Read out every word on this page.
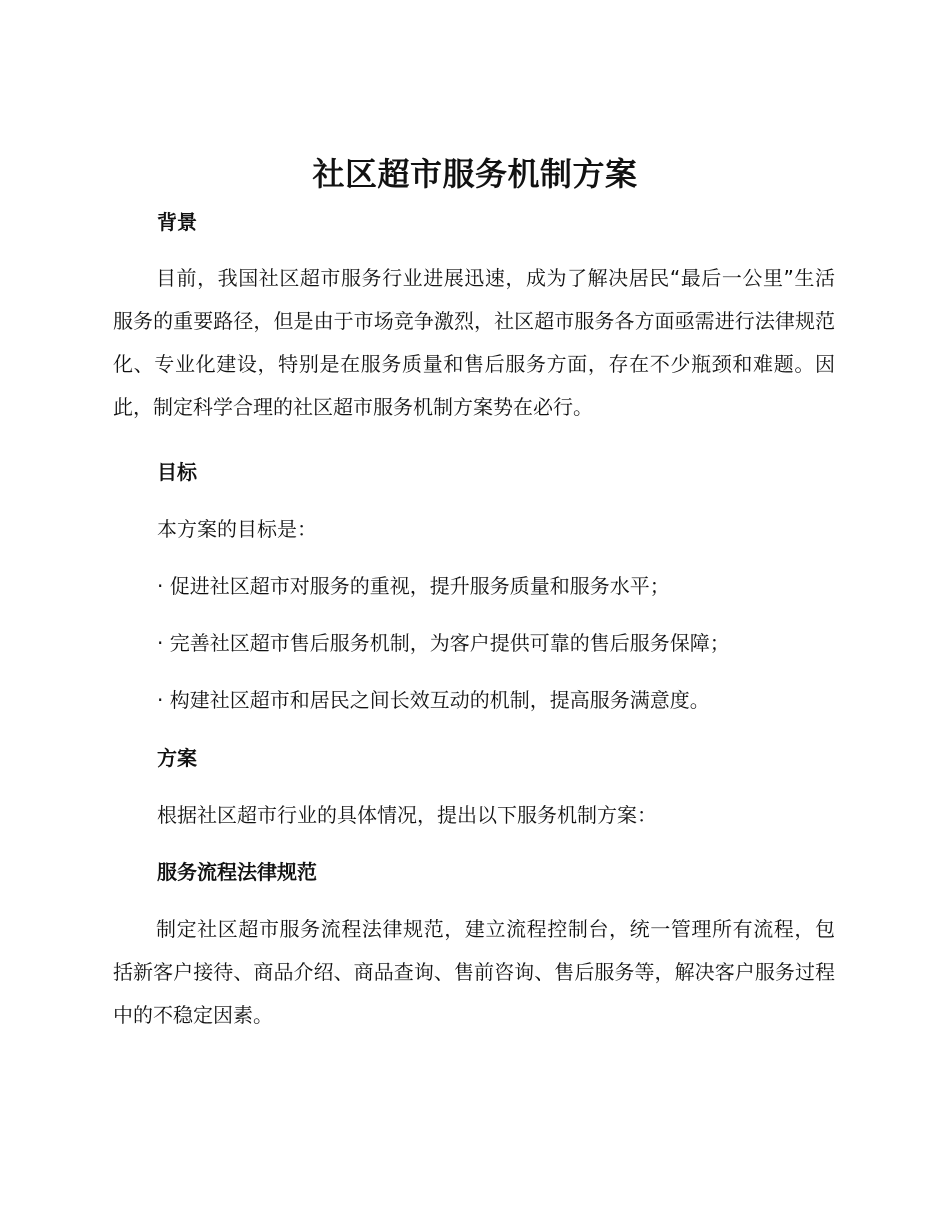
社区超市服务机制方案
背景

目前，我国社区超市服务行业进展迅速，成为了解决居民“最后一公里”生活服务的重要路径，但是由于市场竞争激烈，社区超市服务各方面亟需进行法律规范化、专业化建设，特别是在服务质量和售后服务方面，存在不少瓶颈和难题。因此，制定科学合理的社区超市服务机制方案势在必行。

目标
本方案的目标是：
· 促进社区超市对服务的重视，提升服务质量和服务水平；
· 完善社区超市售后服务机制，为客户提供可靠的售后服务保障；
· 构建社区超市和居民之间长效互动的机制，提高服务满意度。
方案
根据社区超市行业的具体情况，提出以下服务机制方案：
服务流程法律规范

制定社区超市服务流程法律规范，建立流程控制台，统一管理所有流程，包括新客户接待、商品介绍、商品查询、售前咨询、售后服务等，解决客户服务过程中的不稳定因素。
